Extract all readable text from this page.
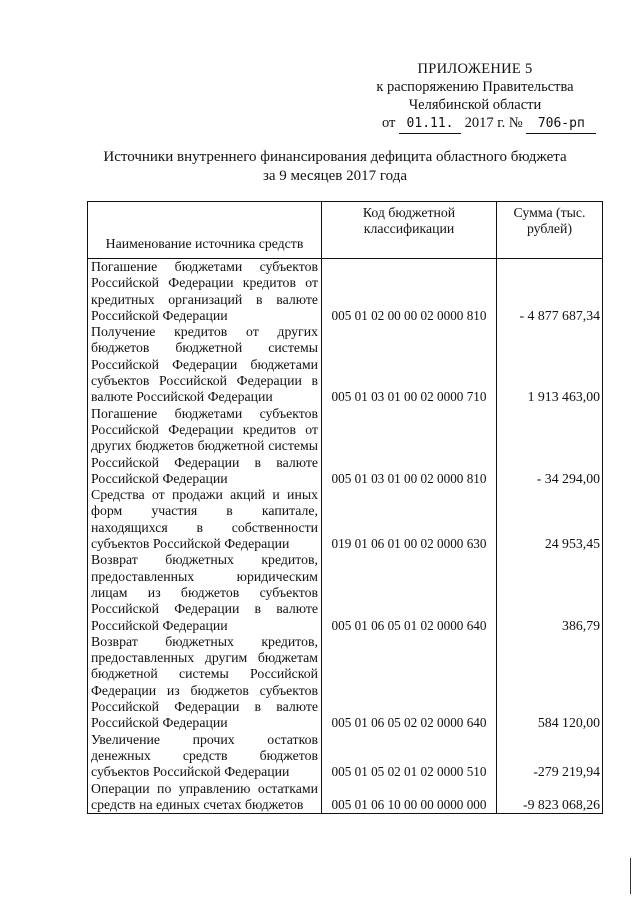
ПРИЛОЖЕНИЕ 5
к распоряжению Правительства
Челябинской области
от 01.11. 2017 г. № 706-рп
Источники внутреннего финансирования дефицита областного бюджета
за 9 месяцев 2017 года
Наименование источника средств	Код бюджетной классификации	Сумма (тыс. рублей)
Погашение бюджетами субъектов Российской Федерации кредитов от кредитных организаций в валюте Российской Федерации	005 01 02 00 00 02 0000 810	- 4 877 687,34
Получение кредитов от других бюджетов бюджетной системы Российской Федерации бюджетами субъектов Российской Федерации в валюте Российской Федерации	005 01 03 01 00 02 0000 710	1 913 463,00
Погашение бюджетами субъектов Российской Федерации кредитов от других бюджетов бюджетной системы Российской Федерации в валюте Российской Федерации	005 01 03 01 00 02 0000 810	- 34 294,00
Средства от продажи акций и иных форм участия в капитале, находящихся в собственности субъектов Российской Федерации	019 01 06 01 00 02 0000 630	24 953,45
Возврат бюджетных кредитов, предоставленных юридическим лицам из бюджетов субъектов Российской Федерации в валюте Российской Федерации	005 01 06 05 01 02 0000 640	386,79
Возврат бюджетных кредитов, предоставленных другим бюджетам бюджетной системы Российской Федерации из бюджетов субъектов Российской Федерации в валюте Российской Федерации	005 01 06 05 02 02 0000 640	584 120,00
Увеличение прочих остатков денежных средств бюджетов субъектов Российской Федерации	005 01 05 02 01 02 0000 510	-279 219,94
Операции по управлению остатками средств на единых счетах бюджетов	005 01 06 10 00 00 0000 000	-9 823 068,26
